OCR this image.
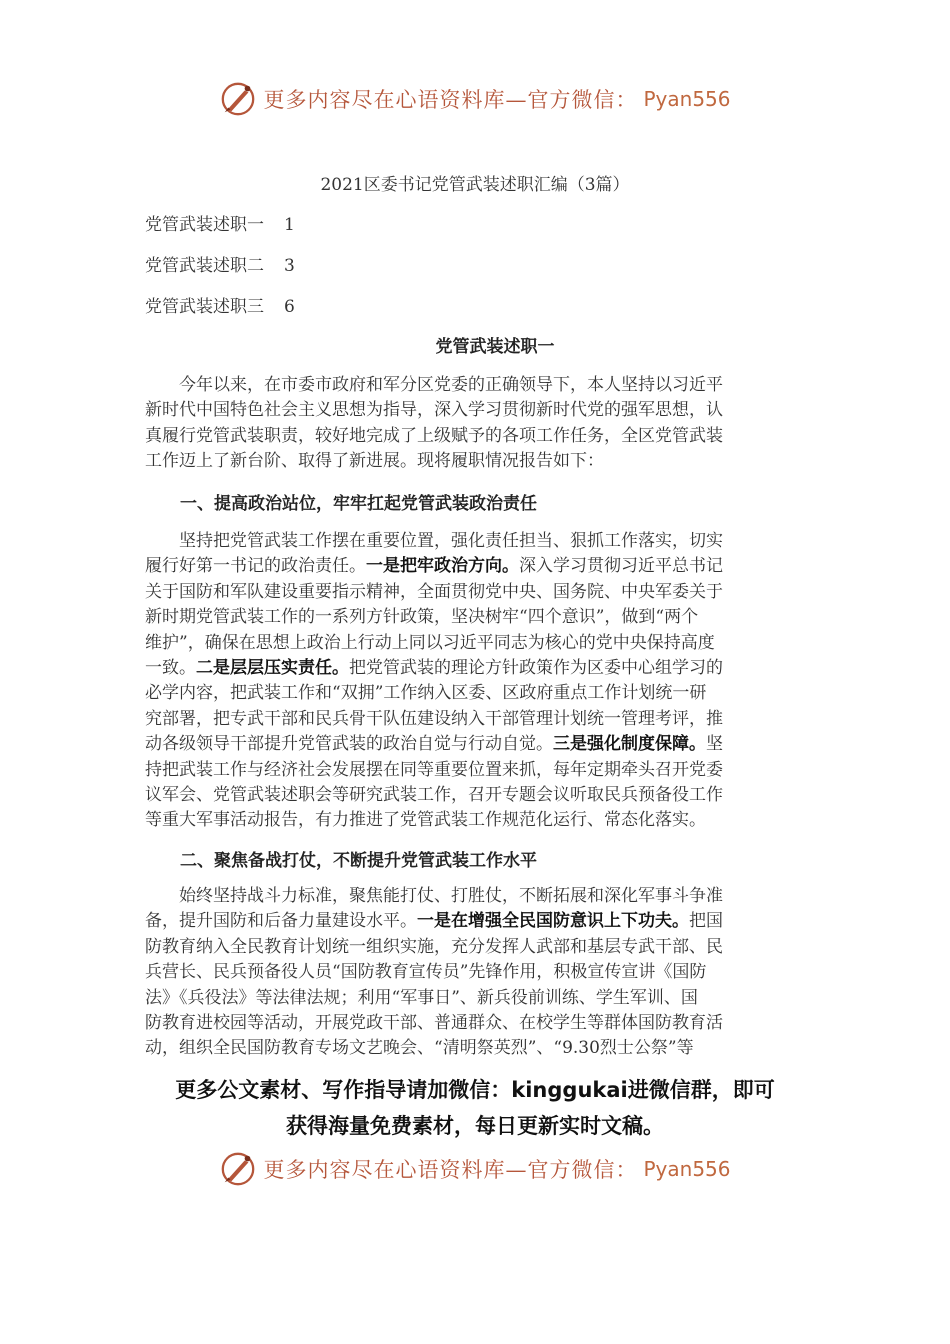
更多内容尽在心语资料库—官方微信： Pyan556
2021区委书记党管武装述职汇编（3篇）
党管武装述职一 1
党管武装述职二 3
党管武装述职三 6
党管武装述职一
今年以来，在市委市政府和军分区党委的正确领导下，本人坚持以习近平
新时代中国特色社会主义思想为指导，深入学习贯彻新时代党的强军思想，认
真履行党管武装职责，较好地完成了上级赋予的各项工作任务，全区党管武装
工作迈上了新台阶、取得了新进展。现将履职情况报告如下：
一、提高政治站位，牢牢扛起党管武装政治责任
坚持把党管武装工作摆在重要位置，强化责任担当、狠抓工作落实，切实
履行好第一书记的政治责任。一是把牢政治方向。深入学习贯彻习近平总书记
关于国防和军队建设重要指示精神，全面贯彻党中央、国务院、中央军委关于
新时期党管武装工作的一系列方针政策，坚决树牢“四个意识”，做到“两个
维护”，确保在思想上政治上行动上同以习近平同志为核心的党中央保持高度
一致。二是层层压实责任。把党管武装的理论方针政策作为区委中心组学习的
必学内容，把武装工作和“双拥”工作纳入区委、区政府重点工作计划统一研
究部署，把专武干部和民兵骨干队伍建设纳入干部管理计划统一管理考评，推
动各级领导干部提升党管武装的政治自觉与行动自觉。三是强化制度保障。坚
持把武装工作与经济社会发展摆在同等重要位置来抓，每年定期牵头召开党委
议军会、党管武装述职会等研究武装工作，召开专题会议听取民兵预备役工作
等重大军事活动报告，有力推进了党管武装工作规范化运行、常态化落实。
二、聚焦备战打仗，不断提升党管武装工作水平
始终坚持战斗力标准，聚焦能打仗、打胜仗，不断拓展和深化军事斗争准
备，提升国防和后备力量建设水平。一是在增强全民国防意识上下功夫。把国
防教育纳入全民教育计划统一组织实施，充分发挥人武部和基层专武干部、民
兵营长、民兵预备役人员“国防教育宣传员”先锋作用，积极宣传宣讲《国防
法》《兵役法》等法律法规；利用“军事日”、新兵役前训练、学生军训、国
防教育进校园等活动，开展党政干部、普通群众、在校学生等群体国防教育活
动，组织全民国防教育专场文艺晚会、“清明祭英烈”、“9.30烈士公祭”等
更多公文素材、写作指导请加微信：kinggukai进微信群，即可
获得海量免费素材，每日更新实时文稿。
更多内容尽在心语资料库—官方微信： Pyan556
